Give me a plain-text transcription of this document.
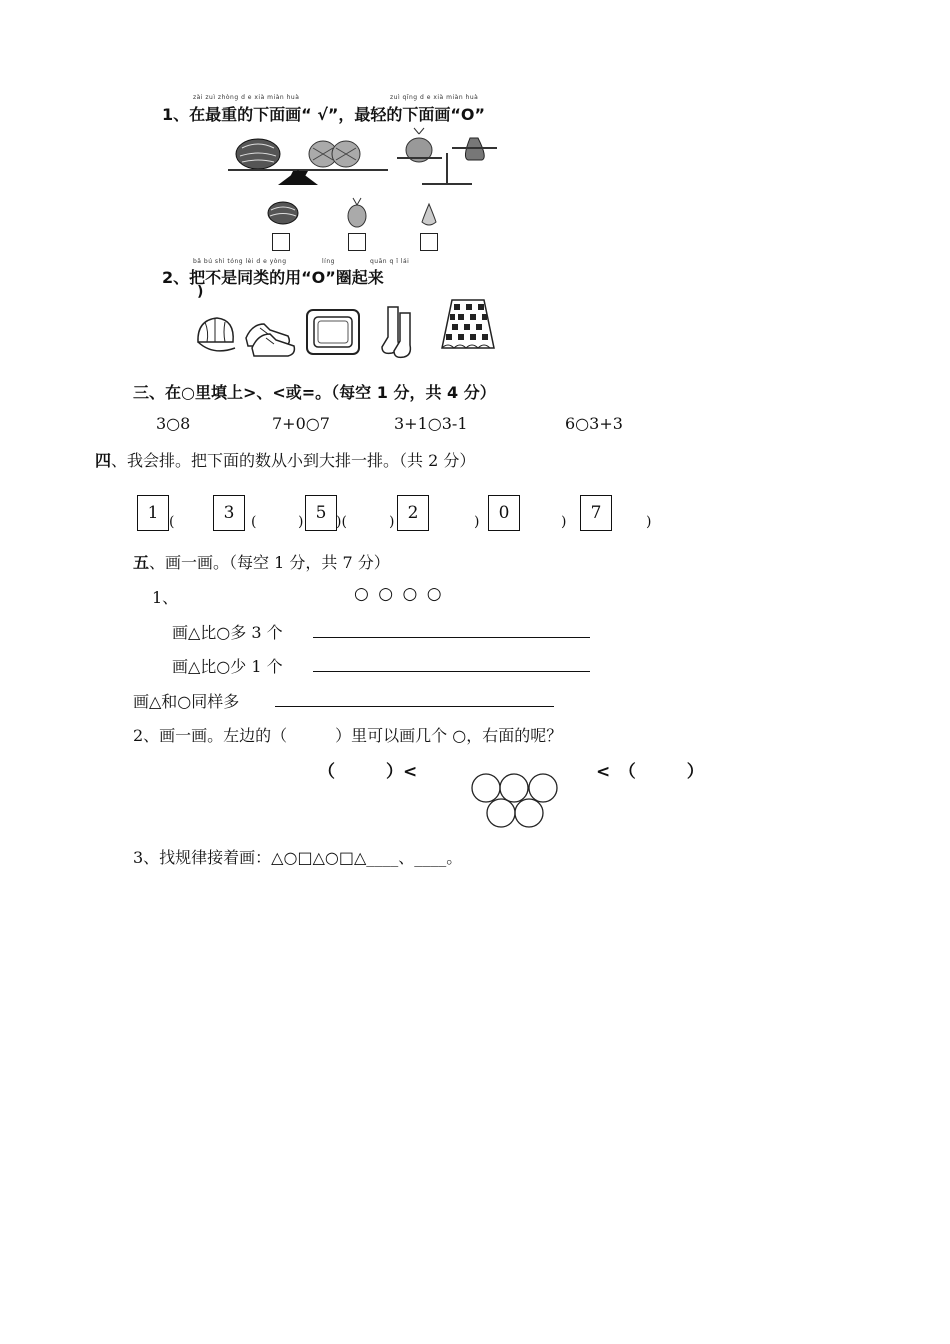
zài zuì zhòng d e xià miàn huà	zuì qīng d e xià miàn huà
1、在最重的下面画“ √”，最轻的下面画“O”
bǎ bú shì tóng lèi d e yòng	líng	quān q ǐ lái
2、把不是同类的用“O”圈起来
)
三、在○里填上>、<或=。（每空 1 分，共 4 分）
3○8	7+0○7	3+1○3-1	6○3+3
四、我会排。把下面的数从小到大排一排。（共 2 分）
1	3	5	2	0	7
(	(	) )(	)	)	)	)
五、画一画。（每空 1 分，共 7 分）
1、	○ ○ ○ ○
画△比○多 3 个
画△比○少 1 个
画△和○同样多
2、画一画。左边的（　　　）里可以画几个 ○，右面的呢？
（　　　）<	<　（　　　）
3、找规律接着画：△○□△○□△____、____。
